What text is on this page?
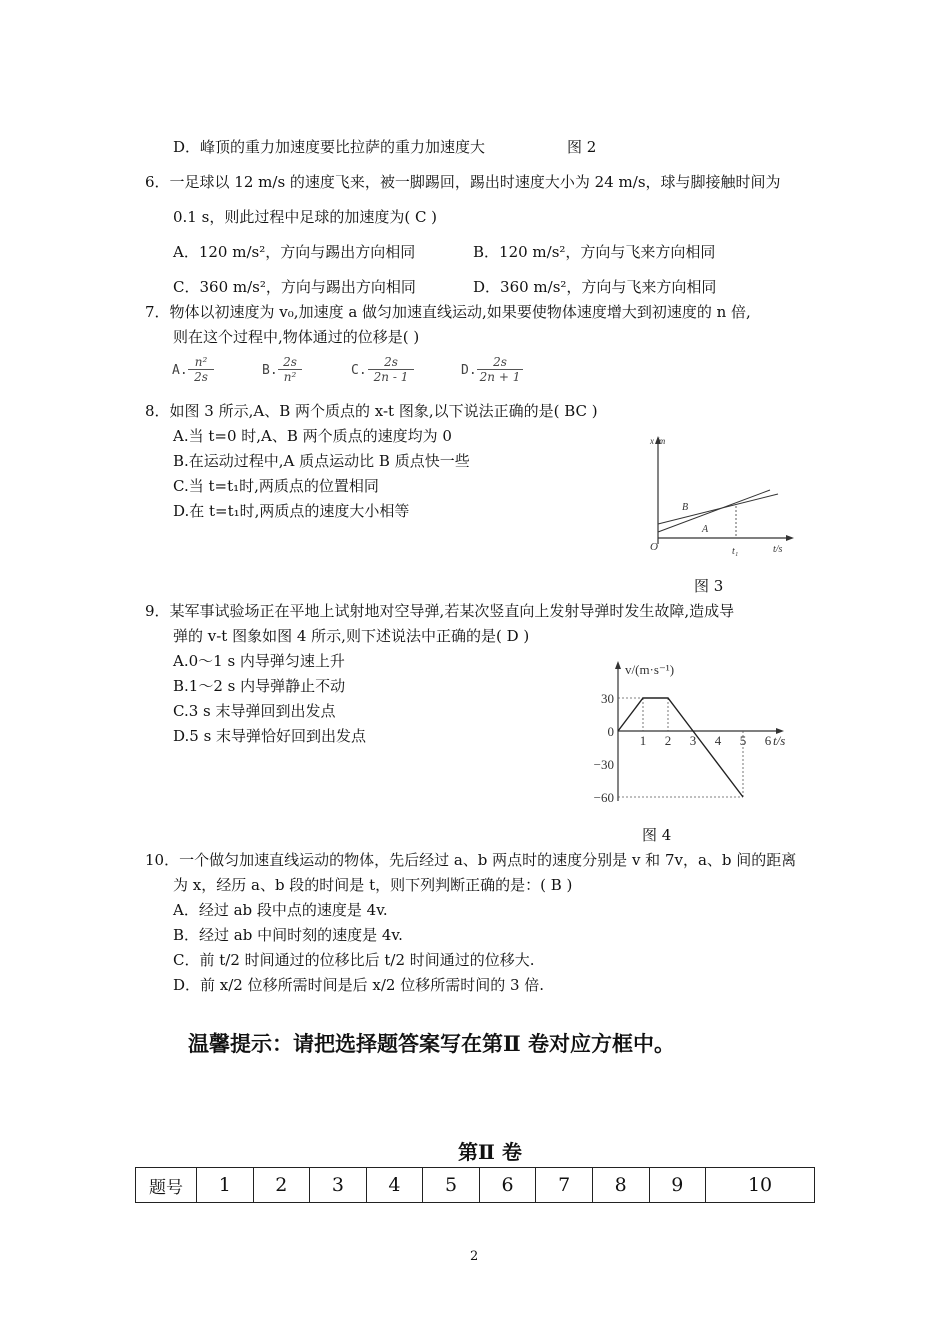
D．峰顶的重力加速度要比拉萨的重力加速度大	图 2
6．一足球以 12 m/s 的速度飞来，被一脚踢回，踢出时速度大小为 24 m/s，球与脚接触时间为
0.1 s，则此过程中足球的加速度为( C )
A．120 m/s²，方向与踢出方向相同	B．120 m/s²，方向与飞来方向相同
C．360 m/s²，方向与踢出方向相同	D．360 m/s²，方向与飞来方向相同
7．物体以初速度为 v₀,加速度 a 做匀加速直线运动,如果要使物体速度增大到初速度的 n 倍,
则在这个过程中,物体通过的位移是( )
A. $\frac{\text{n²}}{2s}$	B. $\frac{2s}{\text{n²}}$	C. $\frac{2s}{2n - 1}$	D. $\frac{2s}{2n + 1}$
8．如图 3 所示,A、B 两个质点的 x-t 图象,以下说法正确的是( BC )
A.当 t=0 时,A、B 两个质点的速度均为 0
B.在运动过程中,A 质点运动比 B 质点快一些
C.当 t=t₁时,两质点的位置相同
D.在 t=t₁时,两质点的速度大小相等
x /m
t/s
O	t₁
B
A
图 3
9．某军事试验场正在平地上试射地对空导弹,若某次竖直向上发射导弹时发生故障,造成导
弹的 v-t 图象如图 4 所示,则下述说法中正确的是( D )
A.0～1 s 内导弹匀速上升
B.1～2 s 内导弹静止不动
C.3 s 末导弹回到出发点
D.5 s 末导弹恰好回到出发点
30
0
−30
−60
1 2 3 4 5 6
v/(m·s⁻¹)
t/s
图 4
10．一个做匀加速直线运动的物体，先后经过 a、b 两点时的速度分别是 v 和 7v，a、b 间的距离
为 x，经历 a、b 段的时间是 t，则下列判断正确的是：( B )
A．经过 ab 段中点的速度是 4v.
B．经过 ab 中间时刻的速度是 4v.
C．前 t/2 时间通过的位移比后 t/2 时间通过的位移大.
D．前 x/2 位移所需时间是后 x/2 位移所需时间的 3 倍.
温馨提示：请把选择题答案写在第Ⅱ 卷对应方框中。
第Ⅱ 卷
题号	1	2	3	4	5	6	7	8	9	10
2
